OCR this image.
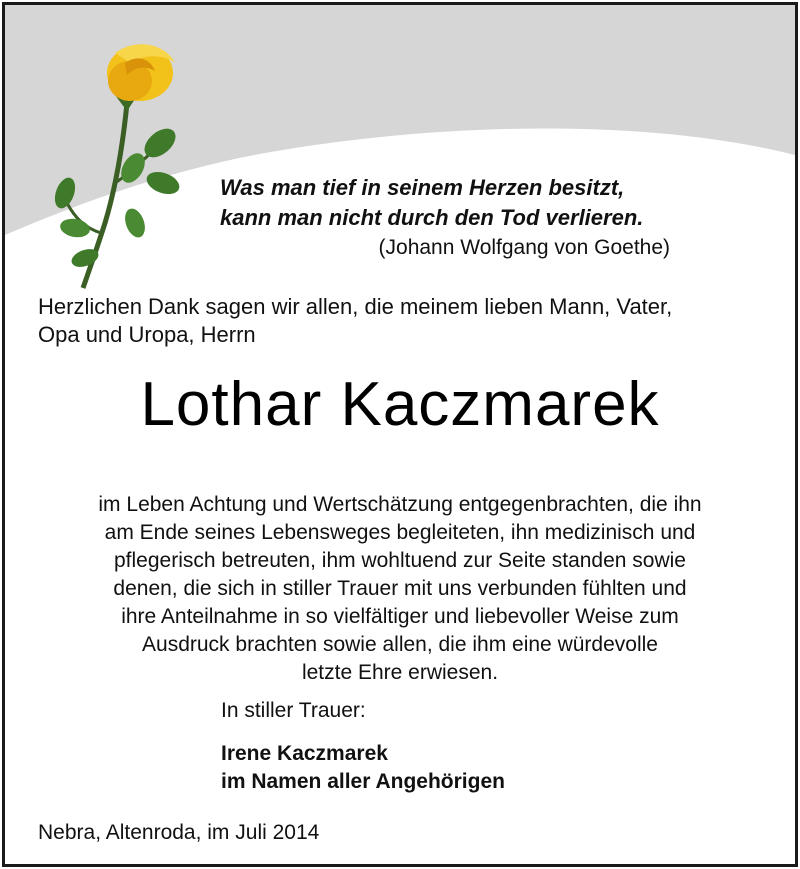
Was man tief in seinem Herzen besitzt,
kann man nicht durch den Tod verlieren.
(Johann Wolfgang von Goethe)
Herzlichen Dank sagen wir allen, die meinem lieben Mann, Vater,
Opa und Uropa, Herrn
Lothar Kaczmarek
im Leben Achtung und Wertschätzung entgegenbrachten, die ihn
am Ende seines Lebensweges begleiteten, ihn medizinisch und
pflegerisch betreuten, ihm wohltuend zur Seite standen sowie
denen, die sich in stiller Trauer mit uns verbunden fühlten und
ihre Anteilnahme in so vielfältiger und liebevoller Weise zum
Ausdruck brachten sowie allen, die ihm eine würdevolle
letzte Ehre erwiesen.
In stiller Trauer:
Irene Kaczmarek
im Namen aller Angehörigen
Nebra, Altenroda, im Juli 2014
